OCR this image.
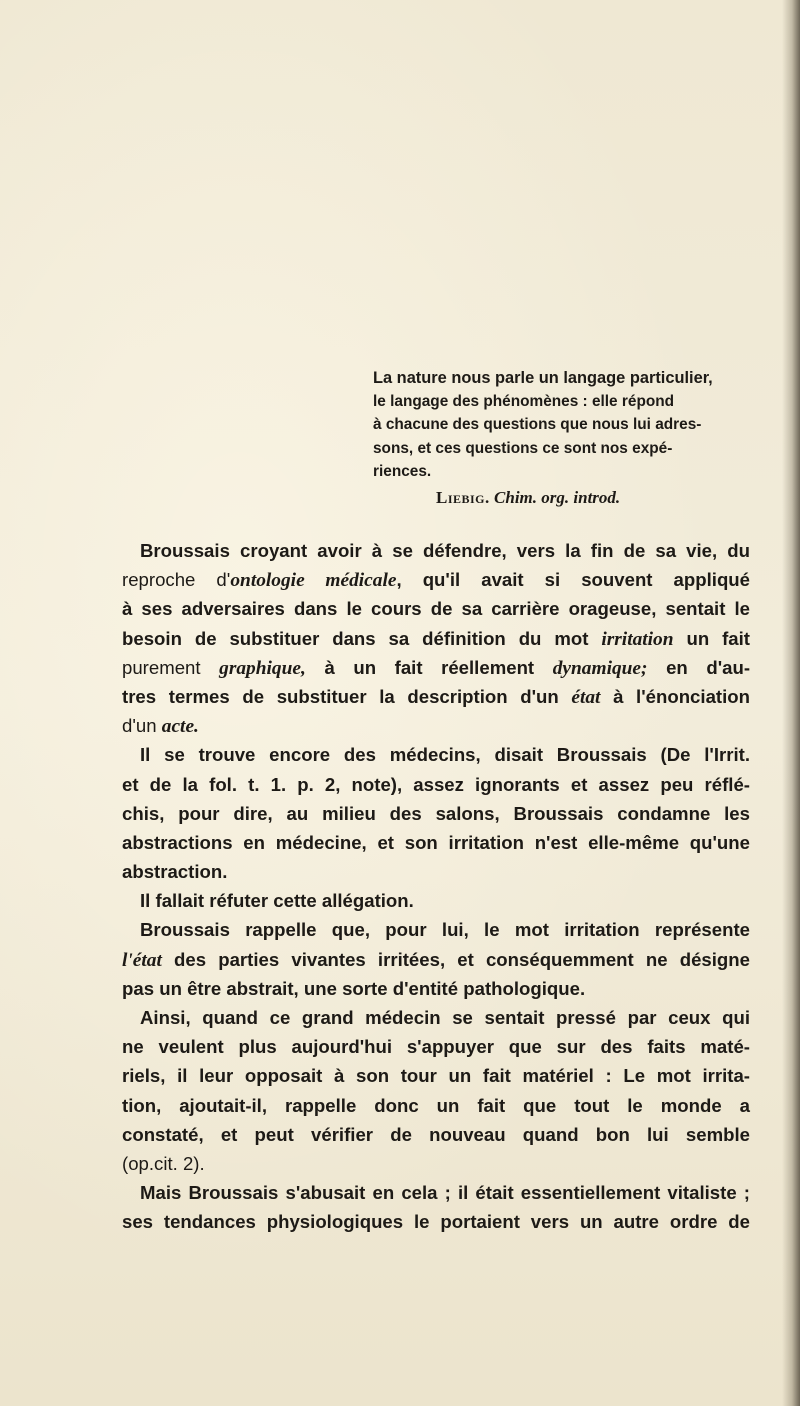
La nature nous parle un langage particulier,
le langage des phénomènes : elle répond
à chacune des questions que nous lui adres-
sons, et ces questions ce sont nos expé-
riences.
Liebig. Chim. org. introd.
Broussais croyant avoir à se défendre, vers la fin de sa vie, du
reproche d'ontologie médicale, qu'il avait si souvent appliqué
à ses adversaires dans le cours de sa carrière orageuse, sentait le
besoin de substituer dans sa définition du mot irritation un fait
purement graphique, à un fait réellement dynamique; en d'au-
tres termes de substituer la description d'un état à l'énonciation
d'un acte.
Il se trouve encore des médecins, disait Broussais (De l'Irrit.
et de la fol. t. 1. p. 2, note), assez ignorants et assez peu réflé-
chis, pour dire, au milieu des salons, Broussais condamne les
abstractions en médecine, et son irritation n'est elle-même qu'une
abstraction.
Il fallait réfuter cette allégation.
Broussais rappelle que, pour lui, le mot irritation représente
l'état des parties vivantes irritées, et conséquemment ne désigne
pas un être abstrait, une sorte d'entité pathologique.
Ainsi, quand ce grand médecin se sentait pressé par ceux qui
ne veulent plus aujourd'hui s'appuyer que sur des faits maté-
riels, il leur opposait à son tour un fait matériel : Le mot irrita-
tion, ajoutait-il, rappelle donc un fait que tout le monde a
constaté, et peut vérifier de nouveau quand bon lui semble
(op.cit. 2).
Mais Broussais s'abusait en cela ; il était essentiellement vitaliste ;
ses tendances physiologiques le portaient vers un autre ordre de
